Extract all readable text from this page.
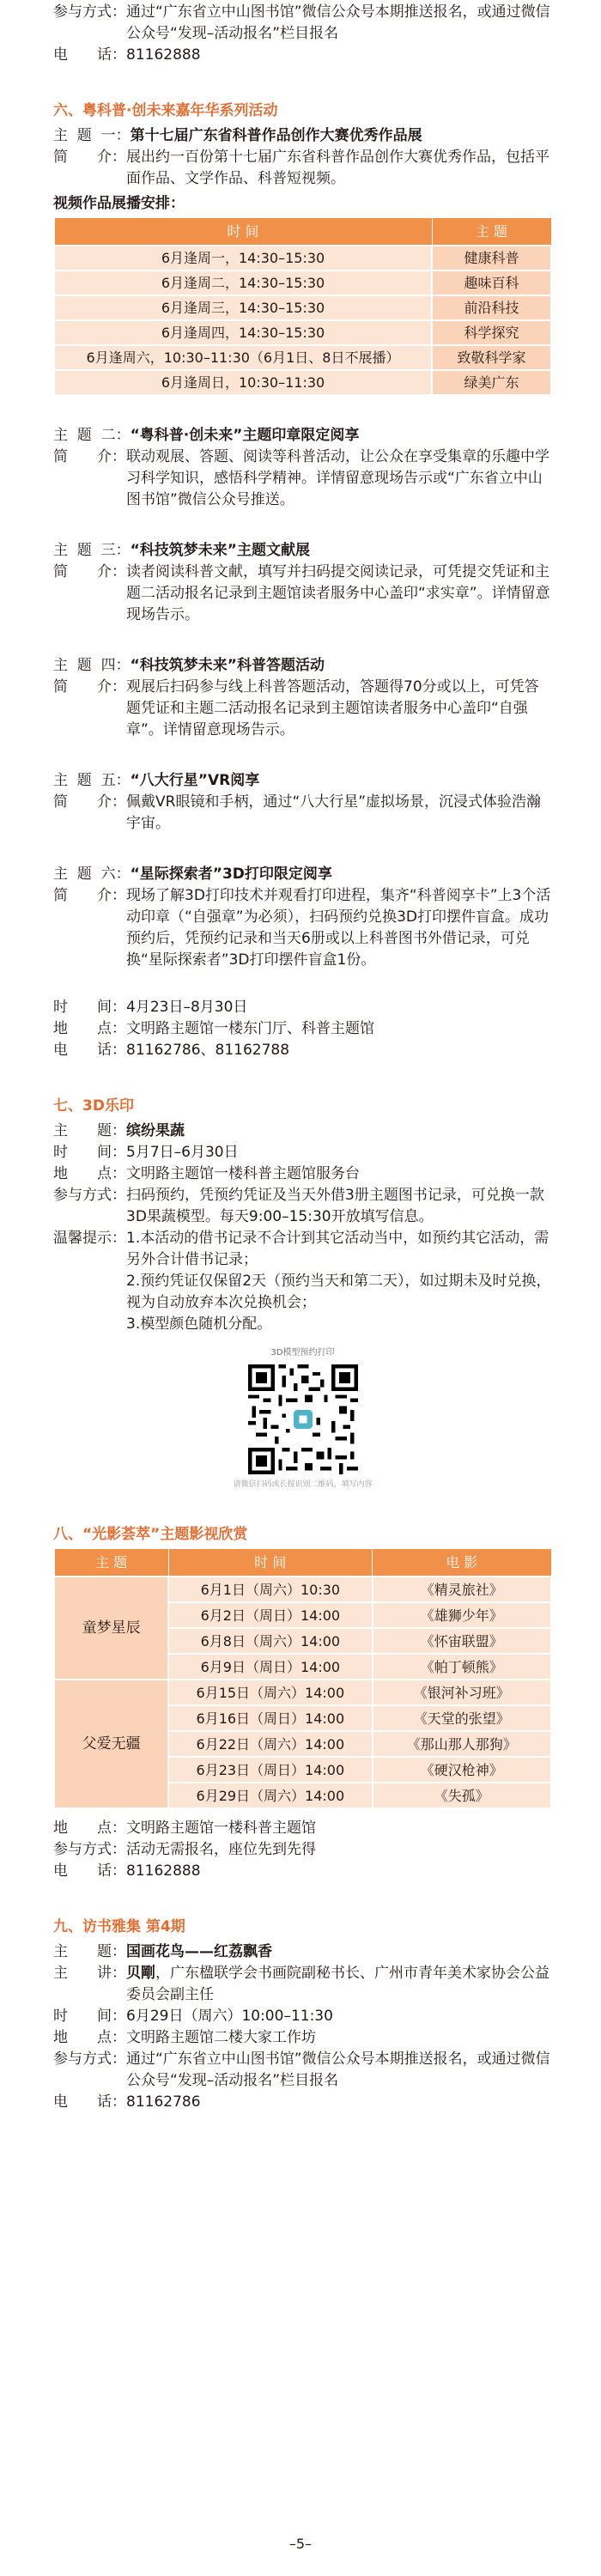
参与方式： 通过“广东省立中山图书馆”微信公众号本期推送报名，或通过微信公众号“发现–活动报名”栏目报名
电　　话： 81162888
六、粤科普·创未来嘉年华系列活动
主  题  一： 第十七届广东省科普作品创作大赛优秀作品展
简　　介： 展出约一百份第十七届广东省科普作品创作大赛优秀作品，包括平面作品、文学作品、科普短视频。
视频作品展播安排：
时 间	主 题
6月逢周一，14:30–15:30	健康科普
6月逢周二，14:30–15:30	趣味百科
6月逢周三，14:30–15:30	前沿科技
6月逢周四，14:30–15:30	科学探究
6月逢周六，10:30–11:30（6月1日、8日不展播）	致敬科学家
6月逢周日，10:30–11:30	绿美广东
主  题  二： “粤科普·创未来”主题印章限定阅享
简　　介： 联动观展、答题、阅读等科普活动，让公众在享受集章的乐趣中学习科学知识，感悟科学精神。详情留意现场告示或“广东省立中山图书馆”微信公众号推送。
主  题  三： “科技筑梦未来”主题文献展
简　　介： 读者阅读科普文献，填写并扫码提交阅读记录，可凭提交凭证和主题二活动报名记录到主题馆读者服务中心盖印“求实章”。详情留意现场告示。
主  题  四： “科技筑梦未来”科普答题活动
简　　介： 观展后扫码参与线上科普答题活动，答题得70分或以上，可凭答题凭证和主题二活动报名记录到主题馆读者服务中心盖印“自强章”。详情留意现场告示。
主  题  五： “八大行星”VR阅享
简　　介： 佩戴VR眼镜和手柄，通过“八大行星”虚拟场景，沉浸式体验浩瀚宇宙。
主  题  六： “星际探索者”3D打印限定阅享
简　　介： 现场了解3D打印技术并观看打印进程，集齐“科普阅享卡”上3个活动印章（“自强章”为必须），扫码预约兑换3D打印摆件盲盒。成功预约后，凭预约记录和当天6册或以上科普图书外借记录，可兑换“星际探索者”3D打印摆件盲盒1份。
时　　间： 4月23日–8月30日
地　　点： 文明路主题馆一楼东门厅、科普主题馆
电　　话： 81162786、81162788
七、3D乐印
主　　题： 缤纷果蔬
时　　间： 5月7日–6月30日
地　　点： 文明路主题馆一楼科普主题馆服务台
参与方式： 扫码预约，凭预约凭证及当天外借3册主题图书记录，可兑换一款3D果蔬模型。每天9:00–15:30开放填写信息。
温馨提示： 1.本活动的借书记录不合计到其它活动当中，如预约其它活动，需另外合计借书记录；
2.预约凭证仅保留2天（预约当天和第二天），如过期未及时兑换，视为自动放弃本次兑换机会；
3.模型颜色随机分配。
3D模型预约打印
请微信扫码或长按识别二维码，填写内容
八、“光影荟萃”主题影视欣赏
主 题	时 间	电 影
童梦星辰	6月1日（周六）10:30	《精灵旅社》
	6月2日（周日）14:00	《雄狮少年》
	6月8日（周六）14:00	《怀宙联盟》
	6月9日（周日）14:00	《帕丁顿熊》
父爱无疆	6月15日（周六）14:00	《银河补习班》
	6月16日（周日）14:00	《天堂的张望》
	6月22日（周六）14:00	《那山那人那狗》
	6月23日（周日）14:00	《硬汉枪神》
	6月29日（周六）14:00	《失孤》
地　　点： 文明路主题馆一楼科普主题馆
参与方式： 活动无需报名，座位先到先得
电　　话： 81162888
九、访书雅集 第4期
主　　题： 国画花鸟——红荔飘香
主　　讲： 贝剛，广东楹联学会书画院副秘书长、广州市青年美术家协会公益委员会副主任
时　　间： 6月29日（周六）10:00–11:30
地　　点： 文明路主题馆二楼大家工作坊
参与方式： 通过“广东省立中山图书馆”微信公众号本期推送报名，或通过微信公众号“发现–活动报名”栏目报名
电　　话： 81162786
–5–
